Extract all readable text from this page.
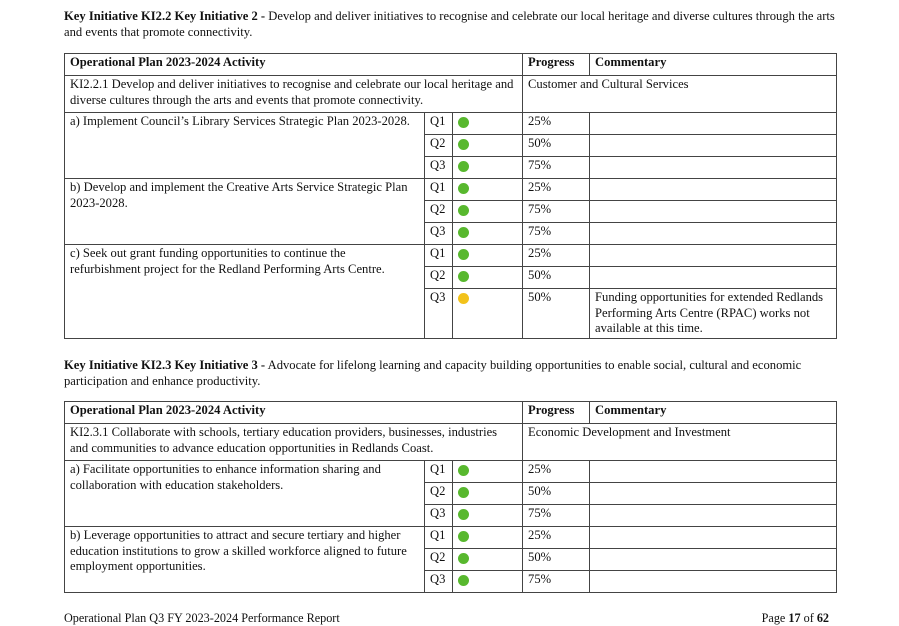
Key Initiative KI2.2 Key Initiative 2 - Develop and deliver initiatives to recognise and celebrate our local heritage and diverse cultures through the arts and events that promote connectivity.
Operational Plan 2023-2024 Activity			Progress	Commentary
KI2.2.1 Develop and deliver initiatives to recognise and celebrate our local heritage and diverse cultures through the arts and events that promote connectivity.			Customer and Cultural Services	
a) Implement Council’s Library Services Strategic Plan 2023-2028.	Q1		25%	
	Q2		50%	
	Q3		75%	
b) Develop and implement the Creative Arts Service Strategic Plan 2023-2028.	Q1		25%	
	Q2		75%	
	Q3		75%	
c) Seek out grant funding opportunities to continue the refurbishment project for the Redland Performing Arts Centre.	Q1		25%	
	Q2		50%	
	Q3		50%	Funding opportunities for extended Redlands Performing Arts Centre (RPAC) works not available at this time.
Key Initiative KI2.3 Key Initiative 3 - Advocate for lifelong learning and capacity building opportunities to enable social, cultural and economic participation and enhance productivity.
Operational Plan 2023-2024 Activity			Progress	Commentary
KI2.3.1 Collaborate with schools, tertiary education providers, businesses, industries and communities to advance education opportunities in Redlands Coast.			Economic Development and Investment	
a) Facilitate opportunities to enhance information sharing and collaboration with education stakeholders.	Q1		25%	
	Q2		50%	
	Q3		75%	
b) Leverage opportunities to attract and secure tertiary and higher education institutions to grow a skilled workforce aligned to future employment opportunities.	Q1		25%	
	Q2		50%	
	Q3		75%	
Operational Plan Q3 FY 2023-2024 Performance Report	Page 17 of 62
